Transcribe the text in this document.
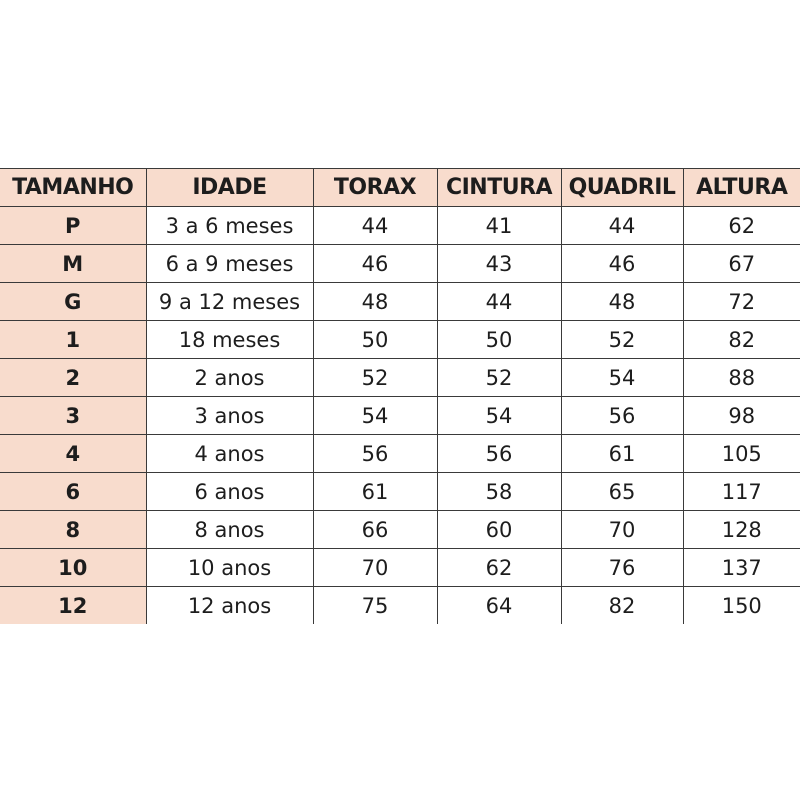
TAMANHO	IDADE	TORAX	CINTURA	QUADRIL	ALTURA
P	3 a 6 meses	44	41	44	62
M	6 a 9 meses	46	43	46	67
G	9 a 12 meses	48	44	48	72
1	18 meses	50	50	52	82
2	2 anos	52	52	54	88
3	3 anos	54	54	56	98
4	4 anos	56	56	61	105
6	6 anos	61	58	65	117
8	8 anos	66	60	70	128
10	10 anos	70	62	76	137
12	12 anos	75	64	82	150
